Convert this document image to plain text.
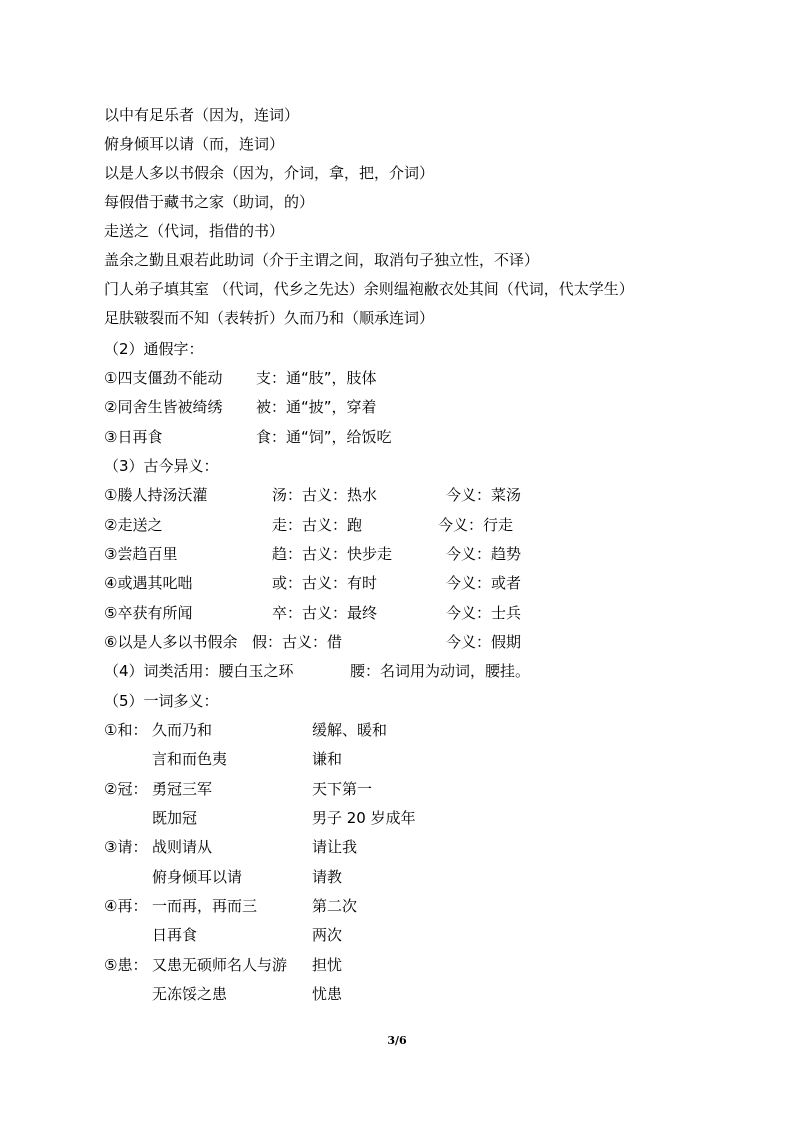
以中有足乐者（因为，连词）
俯身倾耳以请（而，连词）
以是人多以书假余（因为，介词，拿，把，介词）
每假借于藏书之家（助词，的）
走送之（代词，指借的书）
盖余之勤且艰若此助词（介于主谓之间，取消句子独立性，不译）
门人弟子填其室 （代词，代乡之先达）余则缊袍敝衣处其间（代词，代太学生）
足肤皲裂而不知（表转折）久而乃和（顺承连词）
（2）通假字：
①四支僵劲不能动 支：通“肢”，肢体
②同舍生皆被绮绣 被：通“披”，穿着
③日再食	食：通“饲”，给饭吃
（3）古今异义：
①媵人持汤沃灌	汤：古义：热水	今义：菜汤
②走送之	走：古义：跑	今义：行走
③尝趋百里	趋：古义：快步走	今义：趋势
④或遇其叱咄	或：古义：有时	今义：或者
⑤卒获有所闻	卒：古义：最终	今义：士兵
⑥以是人多以书假余 假：古义：借	今义：假期
（4）词类活用：腰白玉之环	腰：名词用为动词，腰挂。
（5）一词多义：
①和： 久而乃和	缓解、暖和
言和而色夷	谦和
②冠： 勇冠三军	天下第一
既加冠	男子 20 岁成年
③请： 战则请从	请让我
俯身倾耳以请	请教
④再： 一而再，再而三	第二次
日再食	两次
⑤患： 又患无硕师名人与游 担忧
无冻馁之患	忧患
3/6
